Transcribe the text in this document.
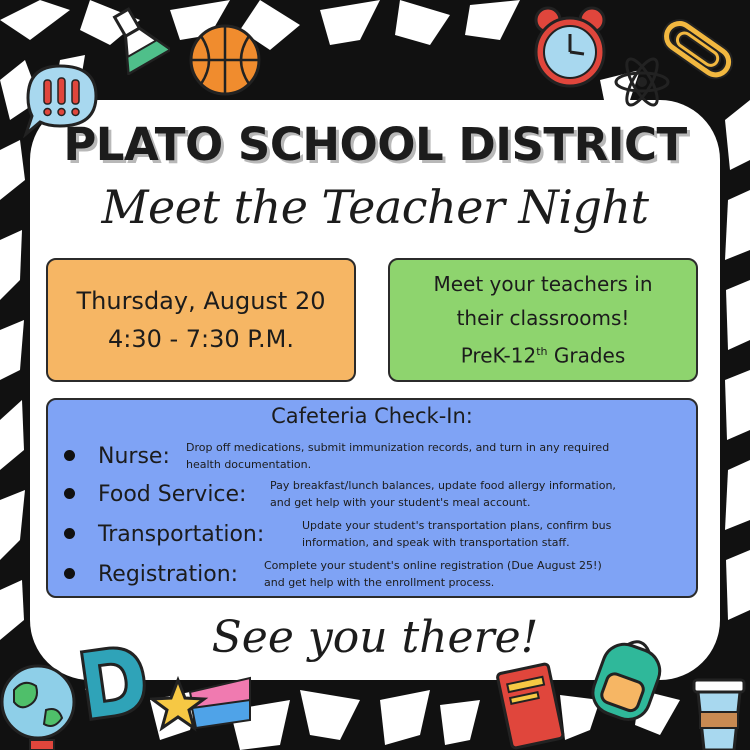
PLATO SCHOOL DISTRICT
Meet the Teacher Night
Thursday, August 20
4:30 - 7:30 P.M.
Meet your teachers in
their classrooms!
PreK-12th Grades
Cafeteria Check-In:
Nurse: Drop off medications, submit immunization records, and turn in any required
health documentation.
Food Service: Pay breakfast/lunch balances, update food allergy information,
and get help with your student's meal account.
Transportation:	Update your student's transportation plans, confirm bus
information, and speak with transportation staff.
Registration: Complete your student's online registration (Due August 25!)
and get help with the enrollment process.
See you there!
